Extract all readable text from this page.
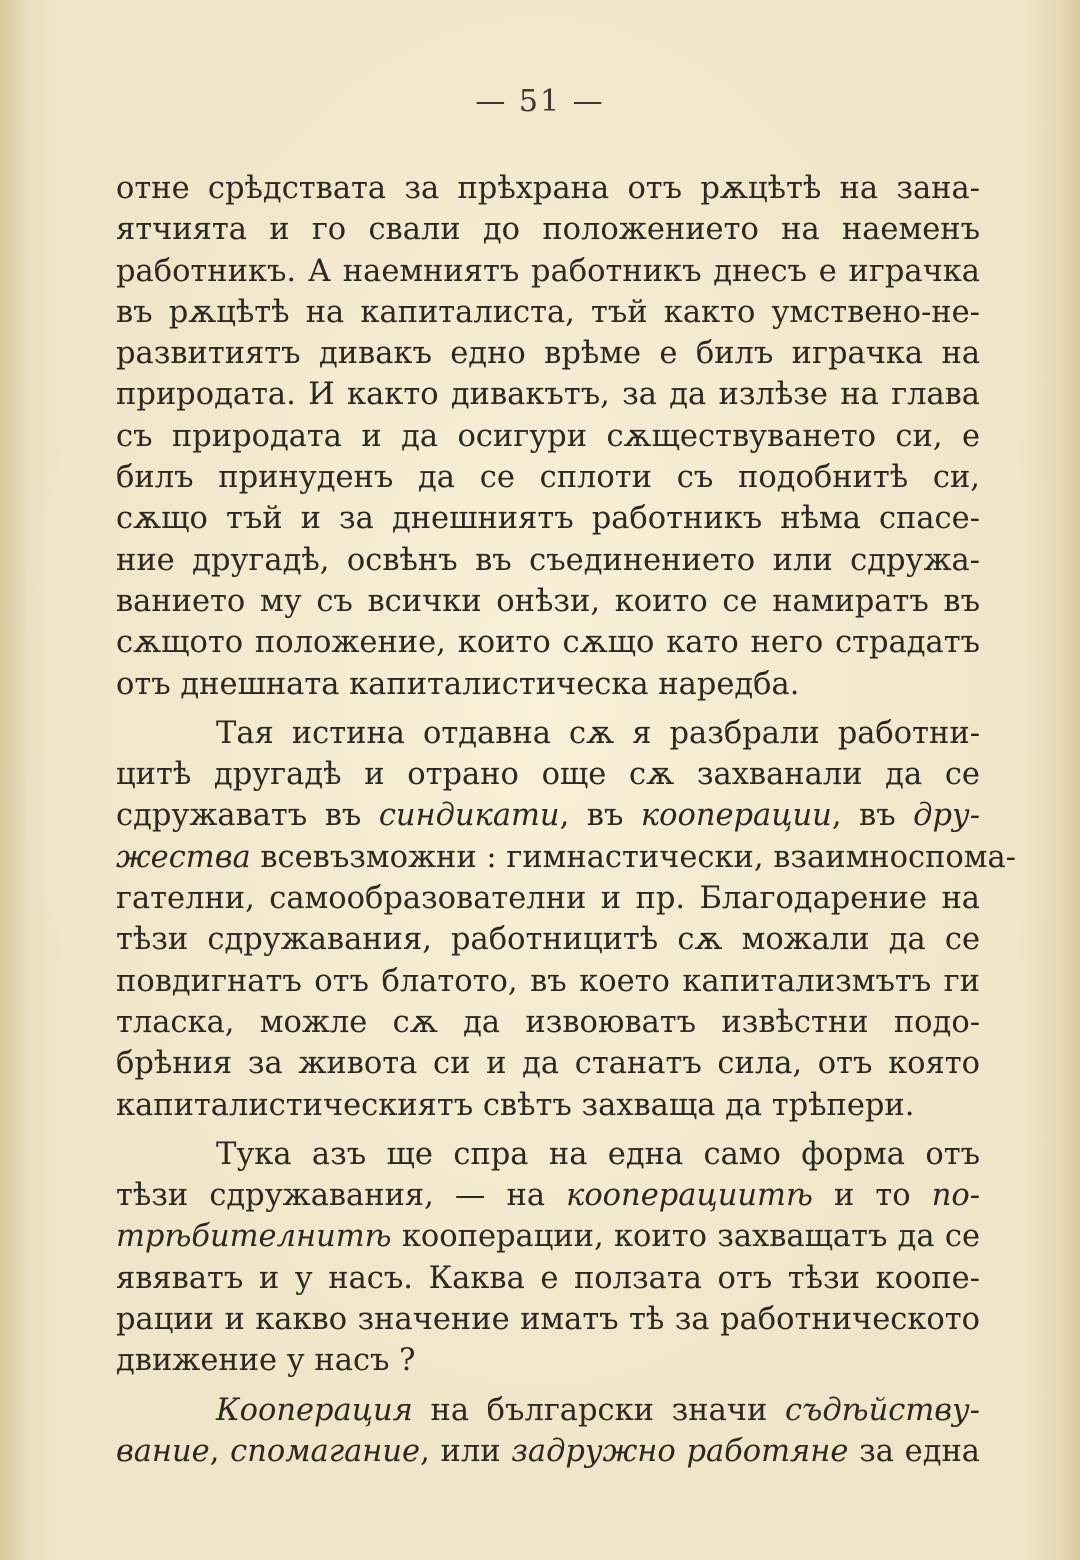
— 51 —
отне срѣдствата за прѣхрана отъ рѫцѣтѣ на зана-
ятчията и го свали до положението на наеменъ
работникъ. А наемниятъ работникъ днесъ е играчка
въ рѫцѣтѣ на капиталиста, тъй както умствено-не-
развитиятъ дивакъ едно врѣме е билъ играчка на
природата. И както дивакътъ, за да излѣзе на глава
съ природата и да осигури сѫществуването си, е
билъ принуденъ да се сплоти съ подобнитѣ си,
сѫщо тъй и за днешниятъ работникъ нѣма спасе-
ние другадѣ, освѣнъ въ съединението или сдружа-
ванието му съ всички онѣзи, които се намиратъ въ
сѫщото положение, които сѫщо като него страдатъ
отъ днешната капиталистическа наредба.
Тая истина отдавна сѫ я разбрали работни-
цитѣ другадѣ и отрано още сѫ захванали да се
сдружаватъ въ синдикати, въ кооперации, въ дру-
жества всевъзможни : гимнастически, взаимноспома-
гателни, самообразователни и пр. Благодарение на
тѣзи сдружавания, работницитѣ сѫ можали да се
повдигнатъ отъ блатото, въ което капитализмътъ ги
тласка, можле сѫ да извоюватъ извѣстни подо-
брѣния за живота си и да станатъ сила, отъ която
капиталистическиятъ свѣтъ захваща да трѣпери.
Тука азъ ще спра на една само форма отъ
тѣзи сдружавания, — на кооперациитѣ и то по-
трѣбителнитѣ кооперации, които захващатъ да се
явяватъ и у насъ. Каква е ползата отъ тѣзи коопе-
рации и какво значение иматъ тѣ за работническото
движение у насъ ?
Кооперация на български значи съдѣйству-
вание, спомагание, или задружно работяне за една
